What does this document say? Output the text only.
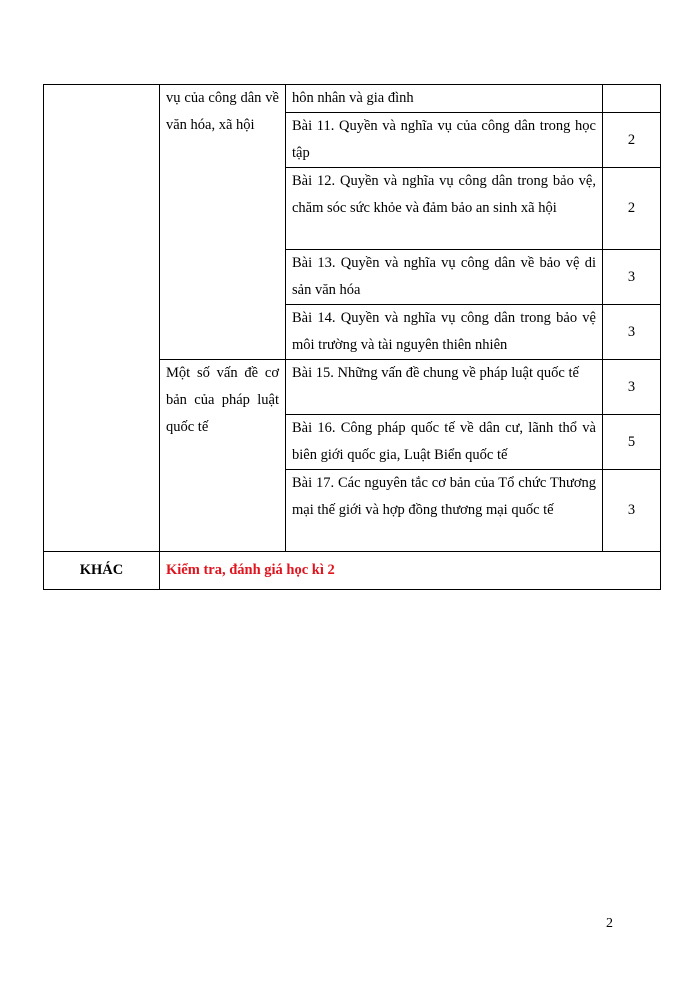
	vụ của công dân về văn hóa, xã hội	hôn nhân và gia đình	
		Bài 11. Quyền và nghĩa vụ của công dân trong học tập	2
		Bài 12. Quyền và nghĩa vụ công dân trong bảo vệ, chăm sóc sức khỏe và đảm bảo an sinh xã hội	2
		Bài 13. Quyền và nghĩa vụ công dân về bảo vệ di sản văn hóa	3
		Bài 14. Quyền và nghĩa vụ công dân trong bảo vệ môi trường và tài nguyên thiên nhiên	3
	Một số vấn đề cơ bản của pháp luật quốc tế	Bài 15. Những vấn đề chung về pháp luật quốc tế	3
		Bài 16. Công pháp quốc tế về dân cư, lãnh thổ và biên giới quốc gia, Luật Biển quốc tế	5
		Bài 17. Các nguyên tắc cơ bản của Tổ chức Thương mại thế giới và hợp đồng thương mại quốc tế	3
KHÁC	Kiểm tra, đánh giá học kì 2		
2
